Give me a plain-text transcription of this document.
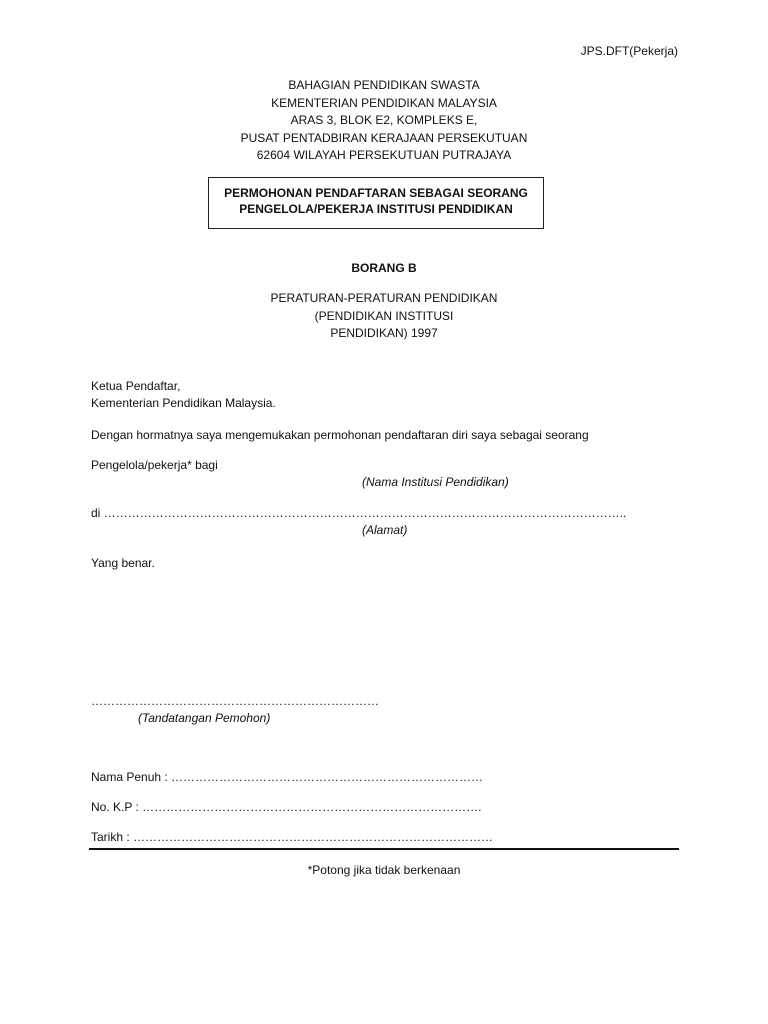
JPS.DFT(Pekerja)
BAHAGIAN PENDIDIKAN SWASTA
KEMENTERIAN PENDIDIKAN MALAYSIA
ARAS 3, BLOK E2, KOMPLEKS E,
PUSAT PENTADBIRAN KERAJAAN PERSEKUTUAN
62604 WILAYAH PERSEKUTUAN PUTRAJAYA
PERMOHONAN PENDAFTARAN SEBAGAI SEORANG
PENGELOLA/PEKERJA INSTITUSI PENDIDIKAN
BORANG B
PERATURAN-PERATURAN PENDIDIKAN
(PENDIDIKAN INSTITUSI
PENDIDIKAN) 1997
Ketua Pendaftar,
Kementerian Pendidikan Malaysia.
Dengan hormatnya saya mengemukakan permohonan pendaftaran diri saya sebagai seorang
Pengelola/pekerja* bagi
(Nama Institusi Pendidikan)
di …………………………………………………………………………………………………………………..
(Alamat)
Yang benar.
………………………………………………………………
(Tandatangan Pemohon)
Nama Penuh : ……………………………………………………………………
No. K.P : ………………………………………………………………………….
Tarikh : ………………………………………………………………………………
*Potong jika tidak berkenaan
